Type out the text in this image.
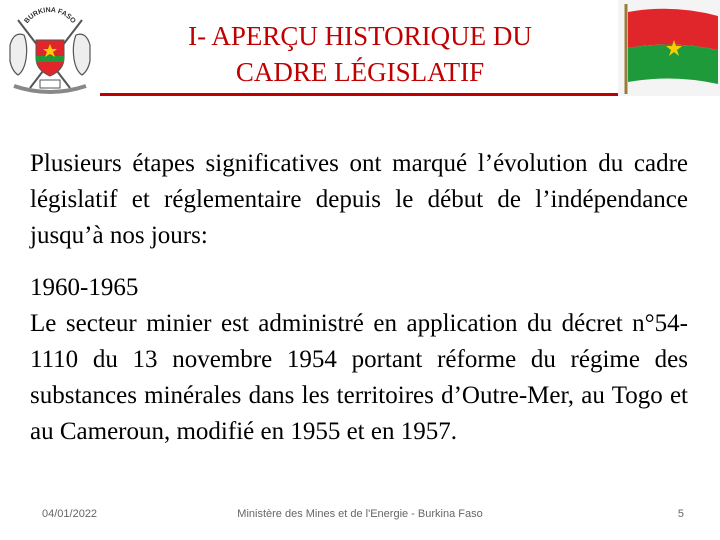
BURKINA FASO
I- APERÇU HISTORIQUE DU
CADRE LÉGISLATIF

Plusieurs étapes significatives ont marqué l’évolution du cadre législatif et réglementaire depuis le début de l’indépendance jusqu’à nos jours:

1960-1965
Le secteur minier est administré en application du décret n°54-1110 du 13 novembre 1954 portant réforme du régime des substances minérales dans les territoires d’Outre-Mer, au Togo et au Cameroun, modifié en 1955 et en 1957.

04/01/2022	Ministère des Mines et de l'Energie - Burkina Faso	5
